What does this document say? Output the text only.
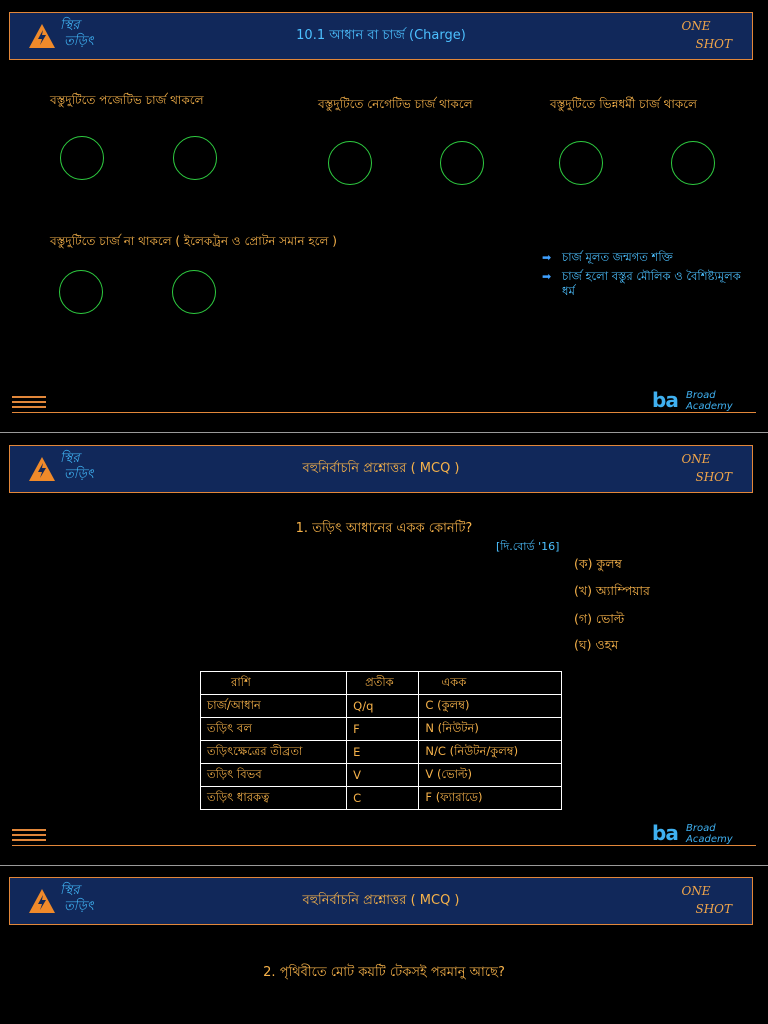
স্থির
তড়িৎ	10.1 আধান বা চার্জ (Charge)
ONE
SHOT
বস্তুদুটিতে পজেটিভ চার্জ থাকলে	বস্তুদুটিতে নেগেটিভ চার্জ থাকলে	বস্তুদুটিতে ভিন্নধর্মী চার্জ থাকলে
বস্তুদুটিতে চার্জ না থাকলে ( ইলেকট্রন ও প্রোটন সমান হলে )
➡ চার্জ মূলত জন্মগত শক্তি
➡ চার্জ হলো বস্তুর মৌলিক ও বৈশিষ্ট্যমূলক ধর্ম
ba Broad
Academy
স্থির
তড়িৎ	বহুনির্বাচনি প্রশ্নোত্তর ( MCQ )
ONE
SHOT
ba Broad
Academy
1. তড়িৎ আধানের একক কোনটি?
[দি.বোর্ড '16]
(ক) কুলম্ব
(খ) অ্যাম্পিয়ার
(গ) ভোল্ট
(ঘ) ওহম
রাশি	প্রতীক	একক
চার্জ/আধান	Q/q	C (কুলম্ব)
তড়িৎ বল	F	N (নিউটন)
তড়িৎক্ষেত্রের তীব্রতা	E	N/C (নিউটন/কুলম্ব)
তড়িৎ বিভব	V	V (ভোল্ট)
তড়িৎ ধারকত্ব	C	F (ফ্যারাডে)
স্থির
তড়িৎ	বহুনির্বাচনি প্রশ্নোত্তর ( MCQ )
ONE
SHOT
2. পৃথিবীতে মোট কয়টি টেকসই পরমানু আছে?
